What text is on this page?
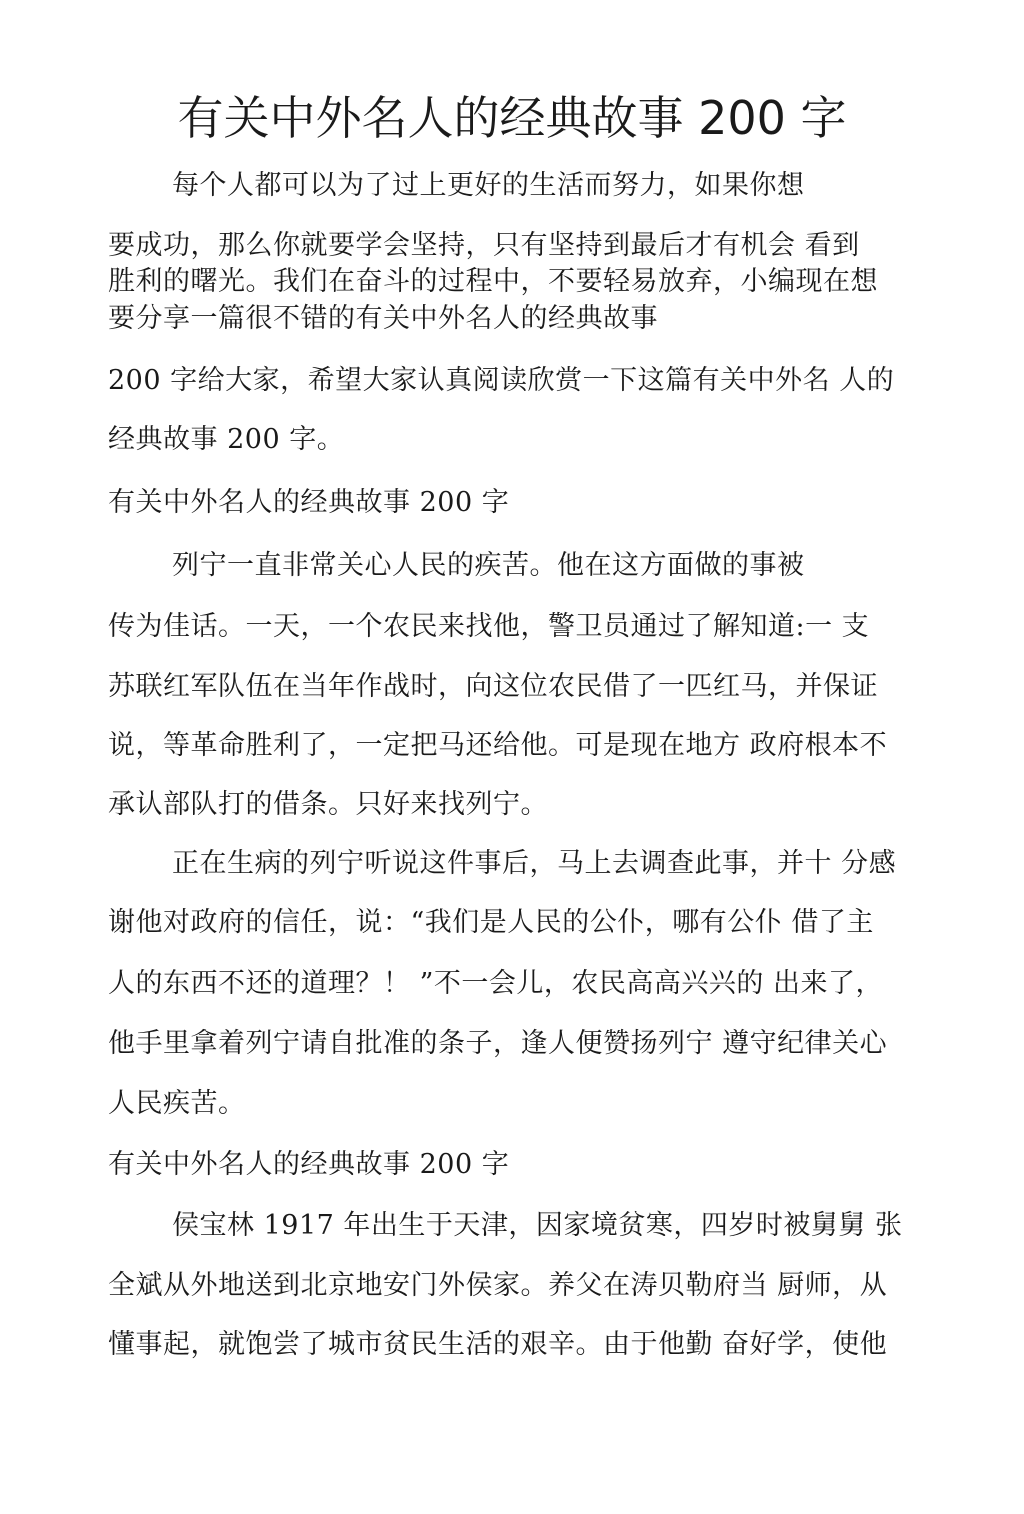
有关中外名人的经典故事 200 字
每个人都可以为了过上更好的生活而努力，如果你想
要成功，那么你就要学会坚持，只有坚持到最后才有机会 看到
胜利的曙光。我们在奋斗的过程中，不要轻易放弃，小编现在想
要分享一篇很不错的有关中外名人的经典故事
200 字给大家，希望大家认真阅读欣赏一下这篇有关中外名 人的
经典故事 200 字。
有关中外名人的经典故事 200 字
列宁一直非常关心人民的疾苦。他在这方面做的事被
传为佳话。一天，一个农民来找他，警卫员通过了解知道:一 支
苏联红军队伍在当年作战时，向这位农民借了一匹红马，并保证
说，等革命胜利了，一定把马还给他。可是现在地方 政府根本不
承认部队打的借条。只好来找列宁。
正在生病的列宁听说这件事后，马上去调查此事，并十 分感
谢他对政府的信任，说：“我们是人民的公仆，哪有公仆 借了主
人的东西不还的道理？！ ”不一会儿，农民高高兴兴的 出来了，
他手里拿着列宁请自批准的条子，逢人便赞扬列宁 遵守纪律关心
人民疾苦。
有关中外名人的经典故事 200 字
侯宝林 1917 年出生于天津，因家境贫寒，四岁时被舅舅 张
全斌从外地送到北京地安门外侯家。养父在涛贝勒府当 厨师，从
懂事起，就饱尝了城市贫民生活的艰辛。由于他勤 奋好学，使他
